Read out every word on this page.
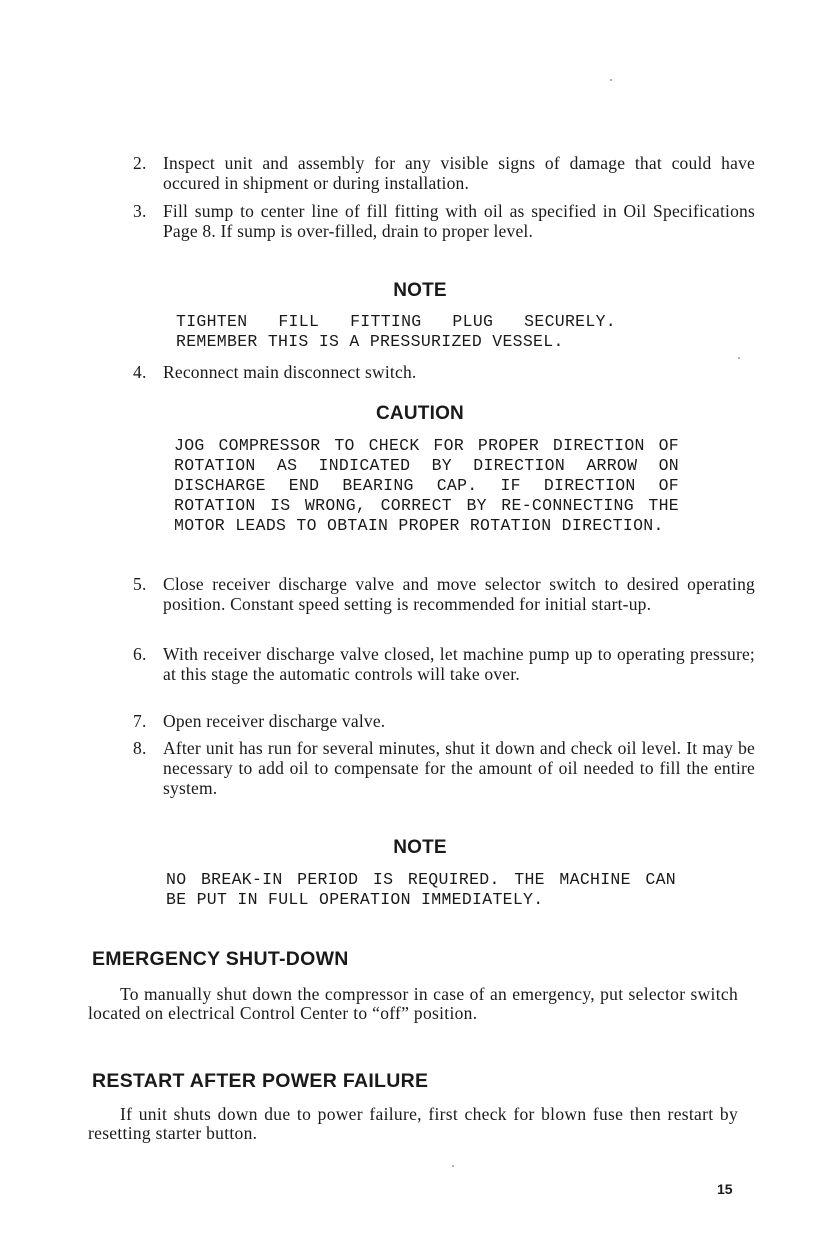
2. Inspect unit and assembly for any visible signs of damage that could have occured in shipment or during installation.
3. Fill sump to center line of fill fitting with oil as specified in Oil Specifications Page 8. If sump is over-filled, drain to proper level.
NOTE
TIGHTEN FILL FITTING PLUG SECURELY. REMEMBER THIS IS A PRESSURIZED VESSEL.
4. Reconnect main disconnect switch.
CAUTION
JOG COMPRESSOR TO CHECK FOR PROPER DIRECTION OF ROTATION AS INDICATED BY DIRECTION ARROW ON DISCHARGE END BEARING CAP. IF DIRECTION OF ROTATION IS WRONG, CORRECT BY RE-CONNECTING THE MOTOR LEADS TO OBTAIN PROPER ROTATION DIRECTION.
5. Close receiver discharge valve and move selector switch to desired operating position. Constant speed setting is recommended for initial start-up.
6. With receiver discharge valve closed, let machine pump up to operating pressure; at this stage the automatic controls will take over.
7. Open receiver discharge valve.
8. After unit has run for several minutes, shut it down and check oil level. It may be necessary to add oil to compensate for the amount of oil needed to fill the entire system.
NOTE
NO BREAK-IN PERIOD IS REQUIRED. THE MACHINE CAN BE PUT IN FULL OPERATION IMMEDIATELY.
EMERGENCY SHUT-DOWN
To manually shut down the compressor in case of an emergency, put selector switch located on electrical Control Center to “off” position.
RESTART AFTER POWER FAILURE
If unit shuts down due to power failure, first check for blown fuse then restart by resetting starter button.
15
